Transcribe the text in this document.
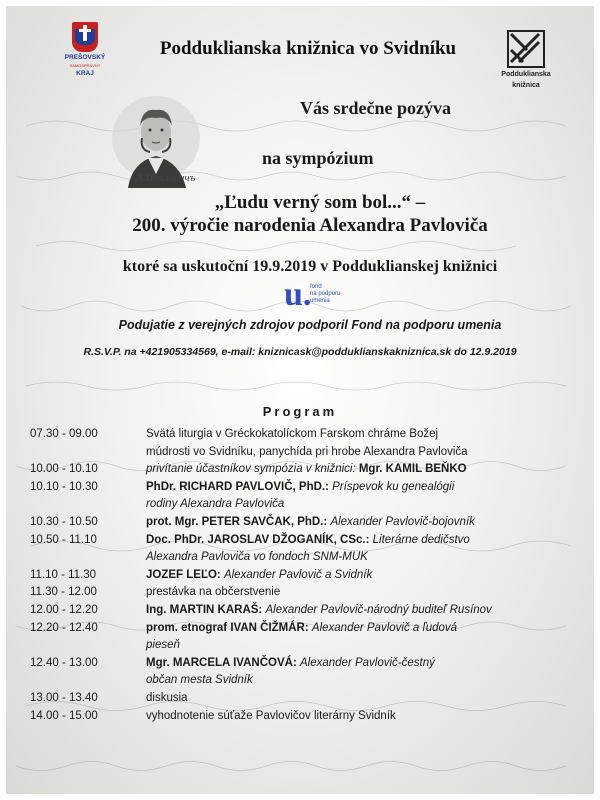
PREŠOVSKÝ
SAMOSPRÁVNY
KRAJ
Podduklianska knižnica vo Svidníku
Podduklianska
knižnica
А.Павловичъ
Vás srdečne pozýva
na sympózium
„Ľudu verný som bol...“ –
200. výročie narodenia Alexandra Pavloviča
ktoré sa uskutoční 19.9.2019 v Podduklianskej knižnici
u.
fond
na podporu
umenia
Podujatie z verejných zdrojov podporil Fond na podporu umenia
R.S.V.P. na +421905334569, e-mail: kniznicask@podduklianskakniznica.sk do 12.9.2019
Program
07.30 - 09.00	Svätá liturgia v Gréckokatolíckom Farskom chráme Božej
múdrosti vo Svidníku, panychída pri hrobe Alexandra Pavloviča
10.00 - 10.10	privítanie účastníkov sympózia v knižnici: Mgr. KAMIL BEŇKO
10.10 - 10.30	PhDr. RICHARD PAVLOVIČ, PhD.: Príspevok ku genealógii
rodiny Alexandra Pavloviča
10.30 - 10.50	prot. Mgr. PETER SAVČAK, PhD.: Alexander Pavlovič-bojovník
10.50 - 11.10	Doc. PhDr. JAROSLAV DŽOGANÍK, CSc.: Literárne dedičstvo
Alexandra Pavloviča vo fondoch SNM-MUK
11.10 - 11.30	JOZEF LEĽO: Alexander Pavlovič a Svidník
11.30 - 12.00	prestávka na občerstvenie
12.00 - 12.20	Ing. MARTIN KARAŠ: Alexander Pavlovič-národný buditeľ Rusínov
12.20 - 12.40	prom. etnograf IVAN ČIŽMÁR: Alexander Pavlovič a ľudová
pieseň
12.40 - 13.00	Mgr. MARCELA IVANČOVÁ: Alexander Pavlovič-čestný
občan mesta Svidník
13.00 - 13.40	diskusia
14.00 - 15.00	vyhodnotenie súťaže Pavlovičov literárny Svidník
